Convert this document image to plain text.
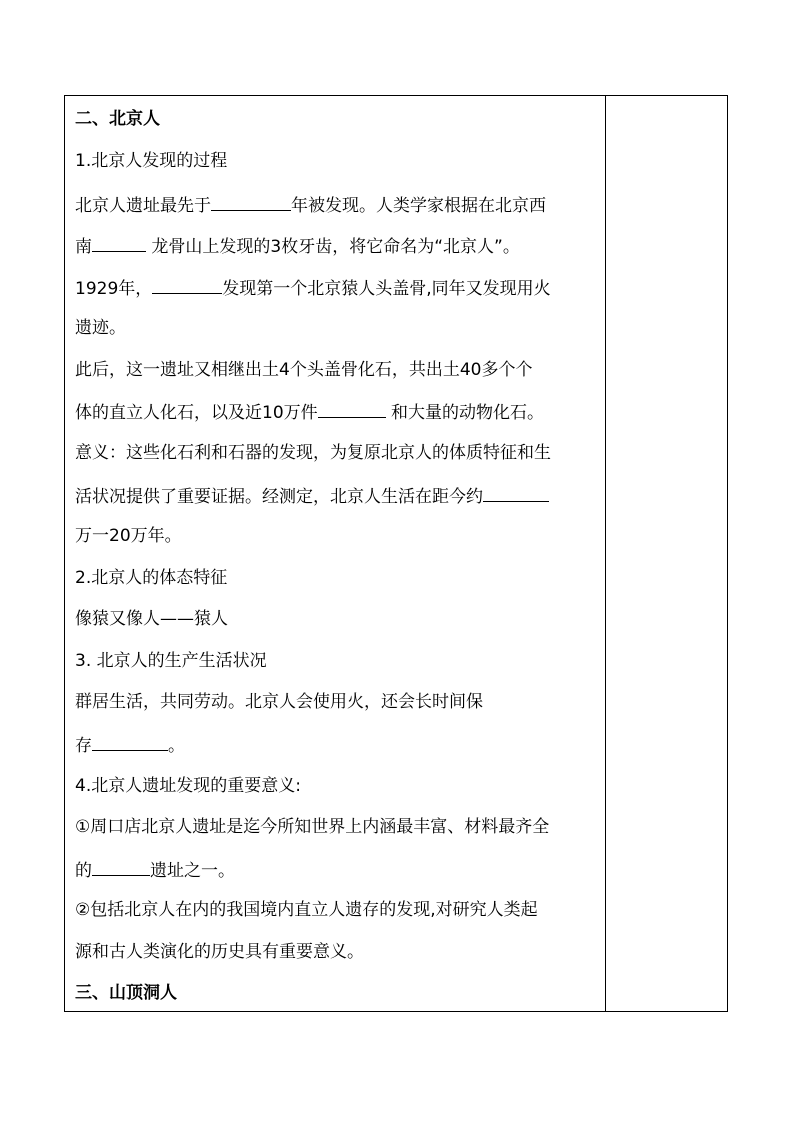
二、北京人
1.北京人发现的过程
北京人遗址最先于	年被发现。人类学家根据在北京西
南	龙骨山上发现的3枚牙齿，将它命名为“北京人”。
1929年，	发现第一个北京猿人头盖骨,同年又发现用火
遗迹。
此后，这一遗址又相继出土4个头盖骨化石，共出土40多个个
体的直立人化石，以及近10万件	和大量的动物化石。
意义：这些化石利和石器的发现，为复原北京人的体质特征和生
活状况提供了重要证据。经测定，北京人生活在距今约
万一20万年。
2.北京人的体态特征
像猿又像人——猿人
3. 北京人的生产生活状况
群居生活，共同劳动。北京人会使用火，还会长时间保
存	。
4.北京人遗址发现的重要意义:
①周口店北京人遗址是迄今所知世界上内涵最丰富、材料最齐全
的	遗址之一。
②包括北京人在内的我国境内直立人遗存的发现,对研究人类起
源和古人类演化的历史具有重要意义。
三、山顶洞人
